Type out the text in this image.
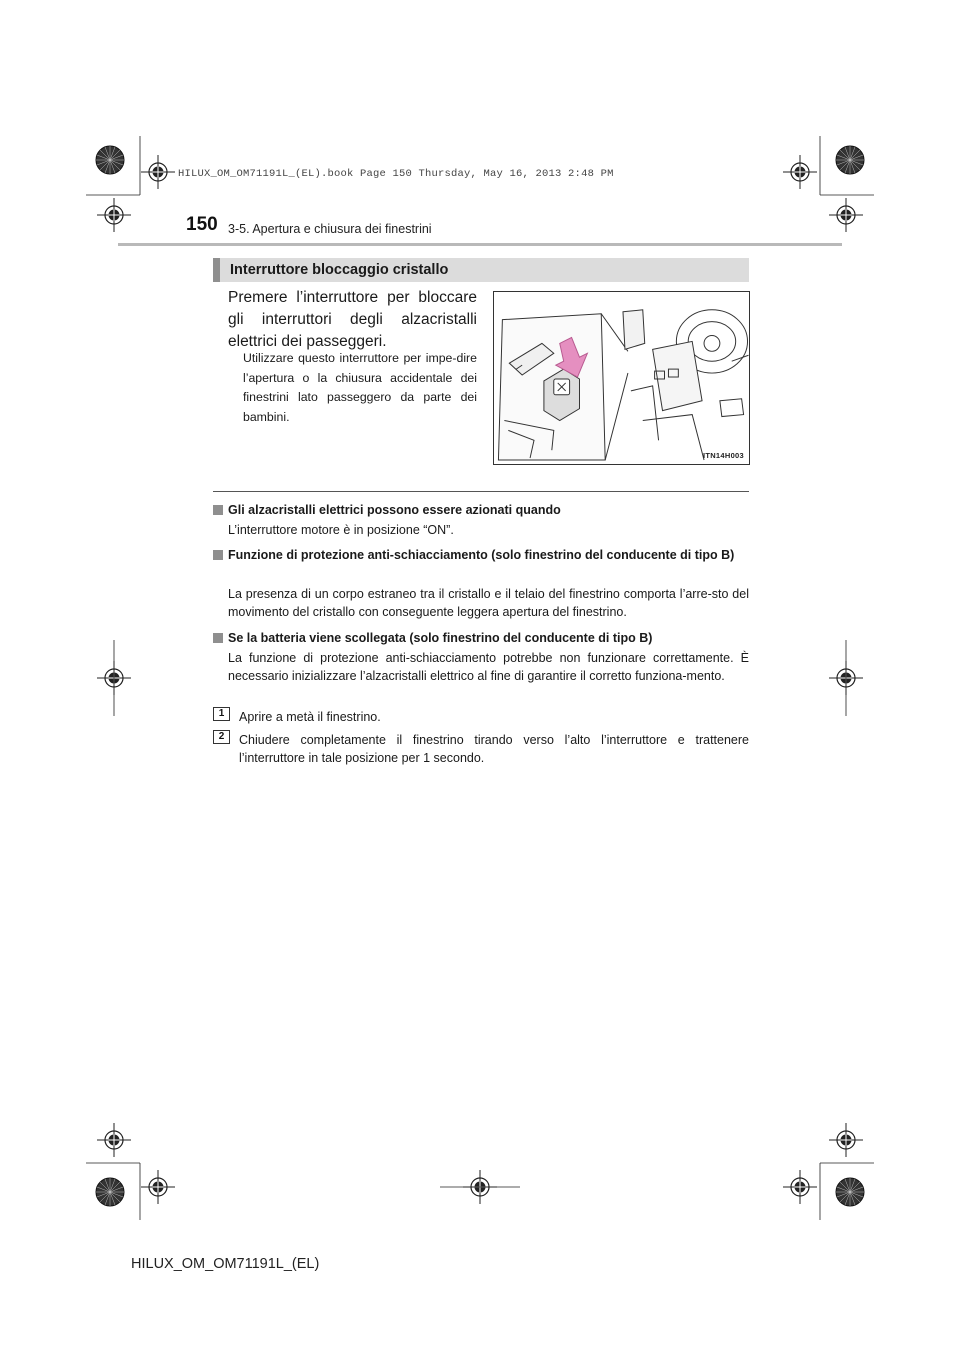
HILUX_OM_OM71191L_(EL).book Page 150 Thursday, May 16, 2013 2:48 PM
150 3-5. Apertura e chiusura dei finestrini
Interruttore bloccaggio cristallo

Premere l’interruttore per bloccare gli interruttori degli alzacristalli elettrici dei passeggeri.

Utilizzare questo interruttore per impe-dire l’apertura o la chiusura accidentale dei finestrini lato passeggero da parte dei bambini.

ITN14H003
Gli alzacristalli elettrici possono essere azionati quando

L’interruttore motore è in posizione “ON”.

Funzione di protezione anti-schiacciamento (solo finestrino del conducente di tipo B)

La presenza di un corpo estraneo tra il cristallo e il telaio del finestrino comporta l’arre-sto del movimento del cristallo con conseguente leggera apertura del finestrino.

Se la batteria viene scollegata (solo finestrino del conducente di tipo B)

La funzione di protezione anti-schiacciamento potrebbe non funzionare correttamente. È necessario inizializzare l’alzacristalli elettrico al fine di garantire il corretto funziona-mento.

1	Aprire a metà il finestrino.

2	Chiudere completamente il finestrino tirando verso l’alto l’interruttore e trattenere l’interruttore in tale posizione per 1 secondo.

HILUX_OM_OM71191L_(EL)
